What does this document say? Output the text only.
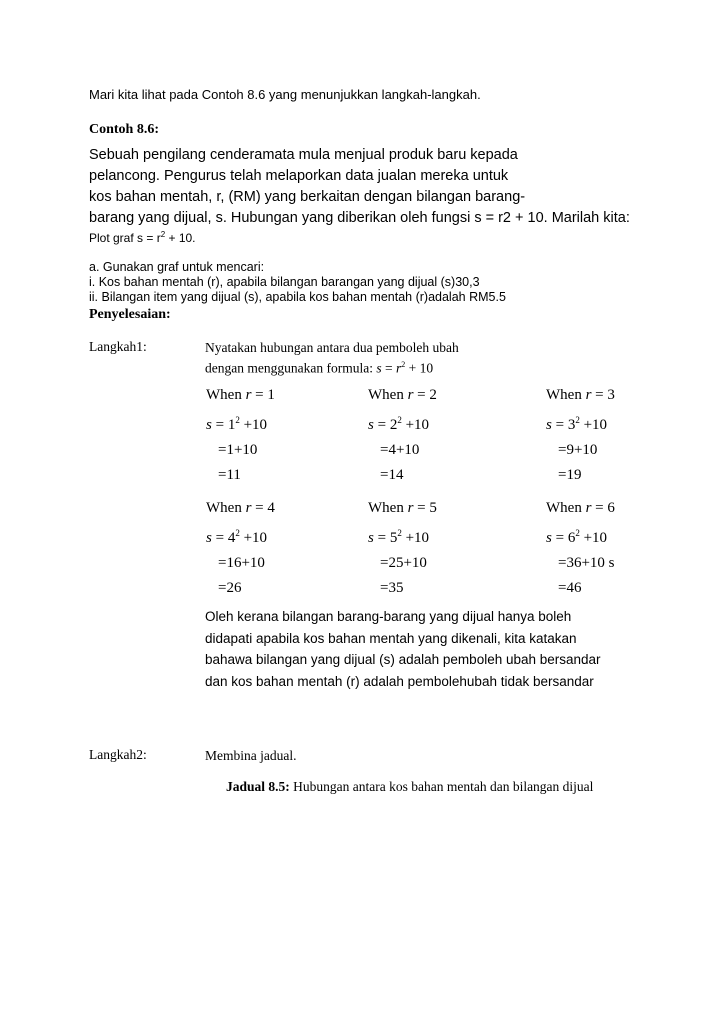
Mari kita lihat pada Contoh 8.6 yang menunjukkan langkah-langkah.
Contoh 8.6:
Sebuah pengilang cenderamata mula menjual produk baru kepada
pelancong. Pengurus telah melaporkan data jualan mereka untuk
kos bahan mentah, r, (RM) yang berkaitan dengan bilangan barang-
barang yang dijual, s. Hubungan yang diberikan oleh fungsi s = r2 + 10. Marilah kita:
Plot graf $s = r^2 + 10$.
a. Gunakan graf untuk mencari:
i. Kos bahan mentah (r), apabila bilangan barangan yang dijual (s)30,3
ii. Bilangan item yang dijual (s), apabila kos bahan mentah (r)adalah RM5.5
Penyelesaian:
Langkah1:	Nyatakan hubungan antara dua pemboleh ubah
dengan menggunakan formula: $s = r^2 + 10$
When r = 1
$s = 1^2 +10$
=1+10
=11
When r = 2
$s = 2^2 +10$
=4+10
=14
When r = 3
$s = 3^2 +10$
=9+10
=19
When r = 4
$s = 4^2 +10$
=16+10
=26
When r = 5
$s = 5^2 +10$
=25+10
=35
When r = 6
$s = 6^2 +10$
=36+10 s
=46
Oleh kerana bilangan barang-barang yang dijual hanya boleh
didapati apabila kos bahan mentah yang dikenali, kita katakan
bahawa bilangan yang dijual (s) adalah pemboleh ubah bersandar
dan kos bahan mentah (r) adalah pembolehubah tidak bersandar
Langkah2:	Membina jadual.
Jadual 8.5: Hubungan antara kos bahan mentah dan bilangan dijual
